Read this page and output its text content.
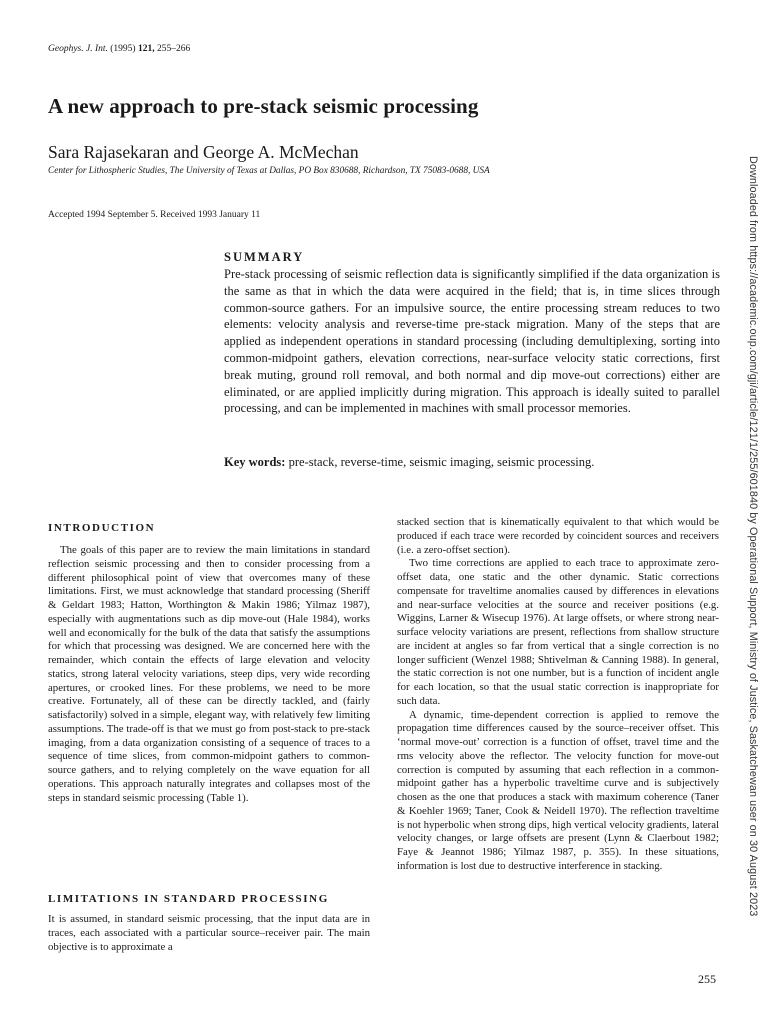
Geophys. J. Int. (1995) 121, 255–266
A new approach to pre-stack seismic processing
Sara Rajasekaran and George A. McMechan
Center for Lithospheric Studies, The University of Texas at Dallas, PO Box 830688, Richardson, TX 75083-0688, USA
Accepted 1994 September 5. Received 1993 January 11
SUMMARY
Pre-stack processing of seismic reflection data is significantly simplified if the data organization is the same as that in which the data were acquired in the field; that is, in time slices through common-source gathers. For an impulsive source, the entire processing stream reduces to two elements: velocity analysis and reverse-time pre-stack migration. Many of the steps that are applied as independent operations in standard processing (including demultiplexing, sorting into common-midpoint gathers, elevation corrections, near-surface velocity static corrections, first break muting, ground roll removal, and both normal and dip move-out corrections) either are eliminated, or are applied implicitly during migration. This approach is ideally suited to parallel processing, and can be implemented in machines with small processor memories.
Key words: pre-stack, reverse-time, seismic imaging, seismic processing.
INTRODUCTION

The goals of this paper are to review the main limitations in standard reflection seismic processing and then to consider processing from a different philosophical point of view that overcomes many of these limitations. First, we must acknowledge that standard processing (Sheriff & Geldart 1983; Hatton, Worthington & Makin 1986; Yilmaz 1987), especially with augmentations such as dip move-out (Hale 1984), works well and economically for the bulk of the data that satisfy the assumptions for which that processing was designed. We are concerned here with the remainder, which contain the effects of large elevation and velocity statics, strong lateral velocity variations, steep dips, very wide recording apertures, or crooked lines. For these problems, we need to be more creative. Fortunately, all of these can be directly tackled, and (fairly satisfactorily) solved in a simple, elegant way, with relatively few limiting assumptions. The trade-off is that we must go from post-stack to pre-stack imaging, from a data organization consisting of a sequence of traces to a sequence of time slices, from common-midpoint gathers to common-source gathers, and to relying completely on the wave equation for all operations. This approach naturally integrates and collapses most of the steps in standard seismic processing (Table 1).

LIMITATIONS IN STANDARD PROCESSING

It is assumed, in standard seismic processing, that the input data are in traces, each associated with a particular source–receiver pair. The main objective is to approximate a

stacked section that is kinematically equivalent to that which would be produced if each trace were recorded by coincident sources and receivers (i.e. a zero-offset section).

Two time corrections are applied to each trace to approximate zero-offset data, one static and the other dynamic. Static corrections compensate for traveltime anomalies caused by differences in elevations and near-surface velocities at the source and receiver positions (e.g. Wiggins, Larner & Wisecup 1976). At large offsets, or where strong near-surface velocity variations are present, reflections from shallow structure are incident at angles so far from vertical that a single correction is no longer sufficient (Wenzel 1988; Shtivelman & Canning 1988). In general, the static correction is not one number, but is a function of incident angle for each location, so that the usual static correction is inappropriate for such data.

A dynamic, time-dependent correction is applied to remove the propagation time differences caused by the source–receiver offset. This ‘normal move-out’ correction is a function of offset, travel time and the rms velocity above the reflector. The velocity function for move-out correction is computed by assuming that each reflection in a common-midpoint gather has a hyperbolic traveltime curve and is subjectively chosen as the one that produces a stack with maximum coherence (Taner & Koehler 1969; Taner, Cook & Neidell 1970). The reflection traveltime is not hyperbolic when strong dips, high vertical velocity gradients, lateral velocity changes, or large offsets are present (Lynn & Claerbout 1982; Faye & Jeannot 1986; Yilmaz 1987, p. 355). In these situations, information is lost due to destructive interference in stacking.

255
Downloaded from https://academic.oup.com/gji/article/121/1/255/601840 by Operational Support, Ministry of Justice, Saskatchewan user on 30 August 2023
